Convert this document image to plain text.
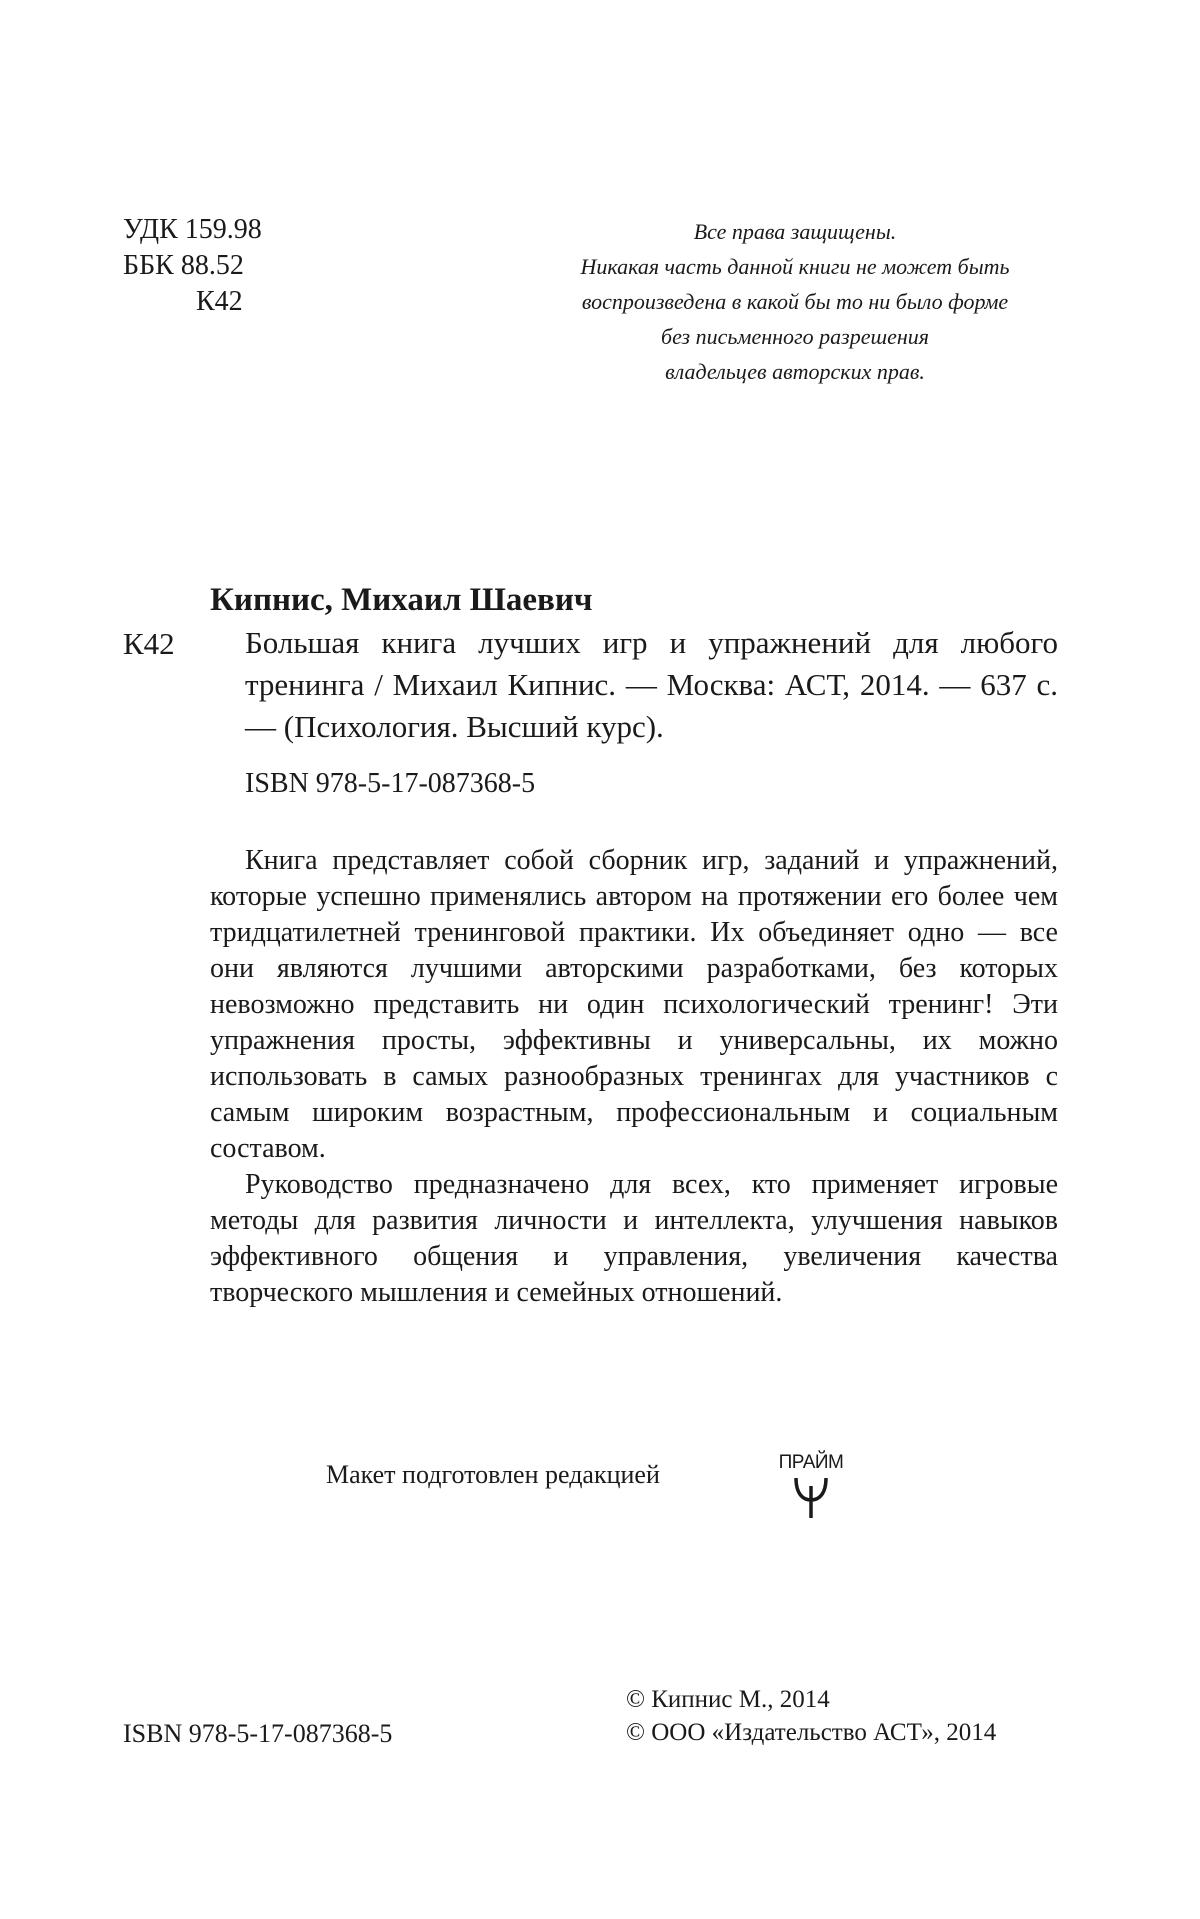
УДК 159.98
ББК 88.52
К42
Все права защищены.
Никакая часть данной книги не может быть
воспроизведена в какой бы то ни было форме
без письменного разрешения
владельцев авторских прав.
Кипнис, Михаил Шаевич
К42 Большая книга лучших игр и упражнений для любого тренинга / Михаил Кипнис. — Москва: АСТ, 2014. — 637 с. — (Психология. Высший курс).
ISBN 978-5-17-087368-5

Книга представляет собой сборник игр, заданий и упражнений, которые успешно применялись автором на протяжении его более чем тридцатилетней тренинговой практики. Их объединяет одно — все они являются лучшими авторскими разработками, без которых невозможно представить ни один психологический тренинг! Эти упражнения просты, эффективны и универсальны, их можно использовать в самых разнообразных тренингах для участников с самым широким возрастным, профессиональным и социальным составом.

Руководство предназначено для всех, кто применяет игровые методы для развития личности и интеллекта, улучшения навыков эффективного общения и управления, увеличения качества творческого мышления и семейных отношений.

Макет подготовлен редакцией	ПРАЙМ
ISBN 978-5-17-087368-5
© Кипнис М., 2014
© ООО «Издательство АСТ», 2014
